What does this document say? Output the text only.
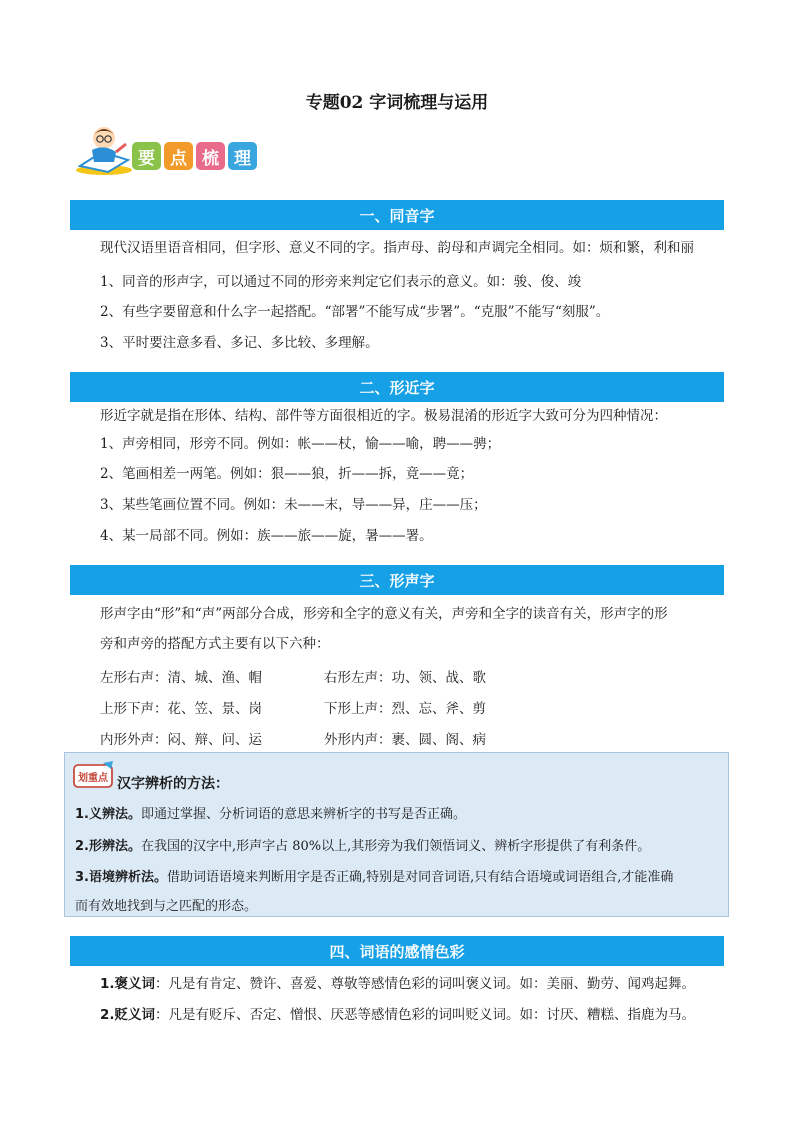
专题02 字词梳理与运用
要 点 梳 理
一、同音字
现代汉语里语音相同，但字形、意义不同的字。指声母、韵母和声调完全相同。如：烦和繁，利和丽
1、同音的形声字，可以通过不同的形旁来判定它们表示的意义。如：骏、俊、竣
2、有些字要留意和什么字一起搭配。“部署”不能写成“步署”。“克服”不能写“刻服”。
3、平时要注意多看、多记、多比较、多理解。
二、形近字
形近字就是指在形体、结构、部件等方面很相近的字。极易混淆的形近字大致可分为四种情况：
1、声旁相同，形旁不同。例如：帐——杖，愉——喻，聘——骋；
2、笔画相差一两笔。例如：狠——狼，折——拆，竟——竟；
3、某些笔画位置不同。例如：未——末，导——异，庄——压；
4、某一局部不同。例如：族——旅——旋，暑——署。
三、形声字
形声字由“形”和“声”两部分合成，形旁和全字的意义有关，声旁和全字的读音有关，形声字的形
旁和声旁的搭配方式主要有以下六种：
左形右声：清、城、渔、帽	右形左声：功、领、战、歌
上形下声：花、笠、景、岗	下形上声：烈、忘、斧、剪
内形外声：闷、辩、问、运	外形内声：裹、圆、阁、病
划重点 汉字辨析的方法：
1.义辨法。即通过掌握、分析词语的意思来辨析字的书写是否正确。
2.形辨法。在我国的汉字中,形声字占 80%以上,其形旁为我们领悟词义、辨析字形提供了有利条件。
3.语境辨析法。借助词语语境来判断用字是否正确,特别是对同音词语,只有结合语境或词语组合,才能准确
而有效地找到与之匹配的形态。
四、词语的感情色彩
1.褒义词：凡是有肯定、赞许、喜爱、尊敬等感情色彩的词叫褒义词。如：美丽、勤劳、闻鸡起舞。
2.贬义词：凡是有贬斥、否定、憎恨、厌恶等感情色彩的词叫贬义词。如：讨厌、糟糕、指鹿为马。
